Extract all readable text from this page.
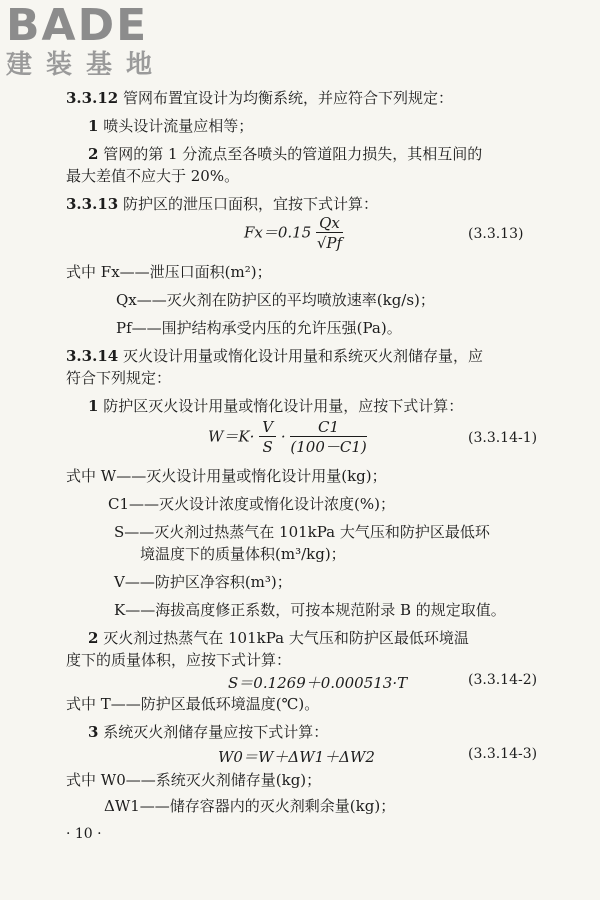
BADE
建装基地
3.3.12 管网布置宜设计为均衡系统，并应符合下列规定：
1 喷头设计流量应相等；
2 管网的第 1 分流点至各喷头的管道阻力损失，其相互间的
最大差值不应大于 20%。
3.3.13 防护区的泄压口面积，宜按下式计算：
$Fx=0.15 \frac{Qx}{√Pf}$	(3.3.13)
式中 Fx——泄压口面积(m²)；
Qx——灭火剂在防护区的平均喷放速率(kg/s)；
Pf——围护结构承受内压的允许压强(Pa)。
3.3.14 灭火设计用量或惰化设计用量和系统灭火剂储存量，应
符合下列规定：
1 防护区灭火设计用量或惰化设计用量，应按下式计算：
$W=K\cdot \frac{V}{S} \cdot \frac{C1}{(100-C1)}$	(3.3.14-1)
式中 W——灭火设计用量或惰化设计用量(kg)；
C1——灭火设计浓度或惰化设计浓度(%)；
S——灭火剂过热蒸气在 101kPa 大气压和防护区最低环
境温度下的质量体积(m³/kg)；
V——防护区净容积(m³)；
K——海拔高度修正系数，可按本规范附录 B 的规定取值。
2 灭火剂过热蒸气在 101kPa 大气压和防护区最低环境温
度下的质量体积，应按下式计算：
S＝0.1269＋0.000513·T	(3.3.14-2)
式中 T——防护区最低环境温度(℃)。
3 系统灭火剂储存量应按下式计算：
W0＝W＋ΔW1＋ΔW2	(3.3.14-3)
式中 W0——系统灭火剂储存量(kg)；
ΔW1——储存容器内的灭火剂剩余量(kg)；
· 10 ·
